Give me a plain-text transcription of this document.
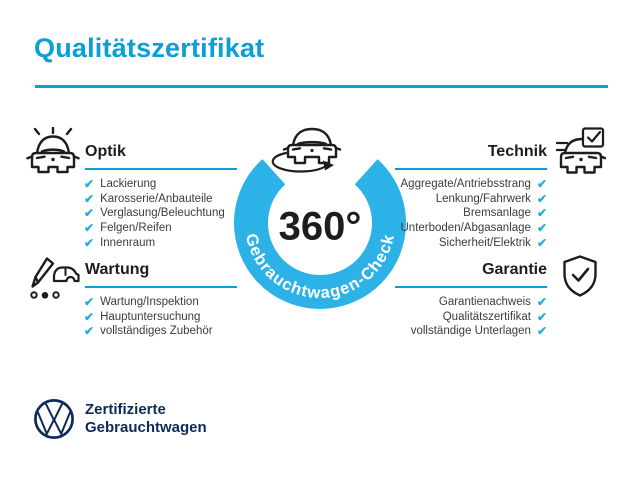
Qualitätszertifikat
Gebrauchtwagen-Check
360°
Optik
✔ Lackierung
✔ Karosserie/Anbauteile
✔ Verglasung/Beleuchtung
✔ Felgen/Reifen
✔ Innenraum
Wartung
✔ Wartung/Inspektion
✔ Hauptuntersuchung
✔ vollständiges Zubehör
Technik
Aggregate/Antriebsstrang ✔
Lenkung/Fahrwerk ✔
Bremsanlage ✔
Unterboden/Abgasanlage ✔
Sicherheit/Elektrik ✔
Garantie
Garantienachweis ✔
Qualitätszertifikat ✔
vollständige Unterlagen ✔
Zertifizierte
Gebrauchtwagen
